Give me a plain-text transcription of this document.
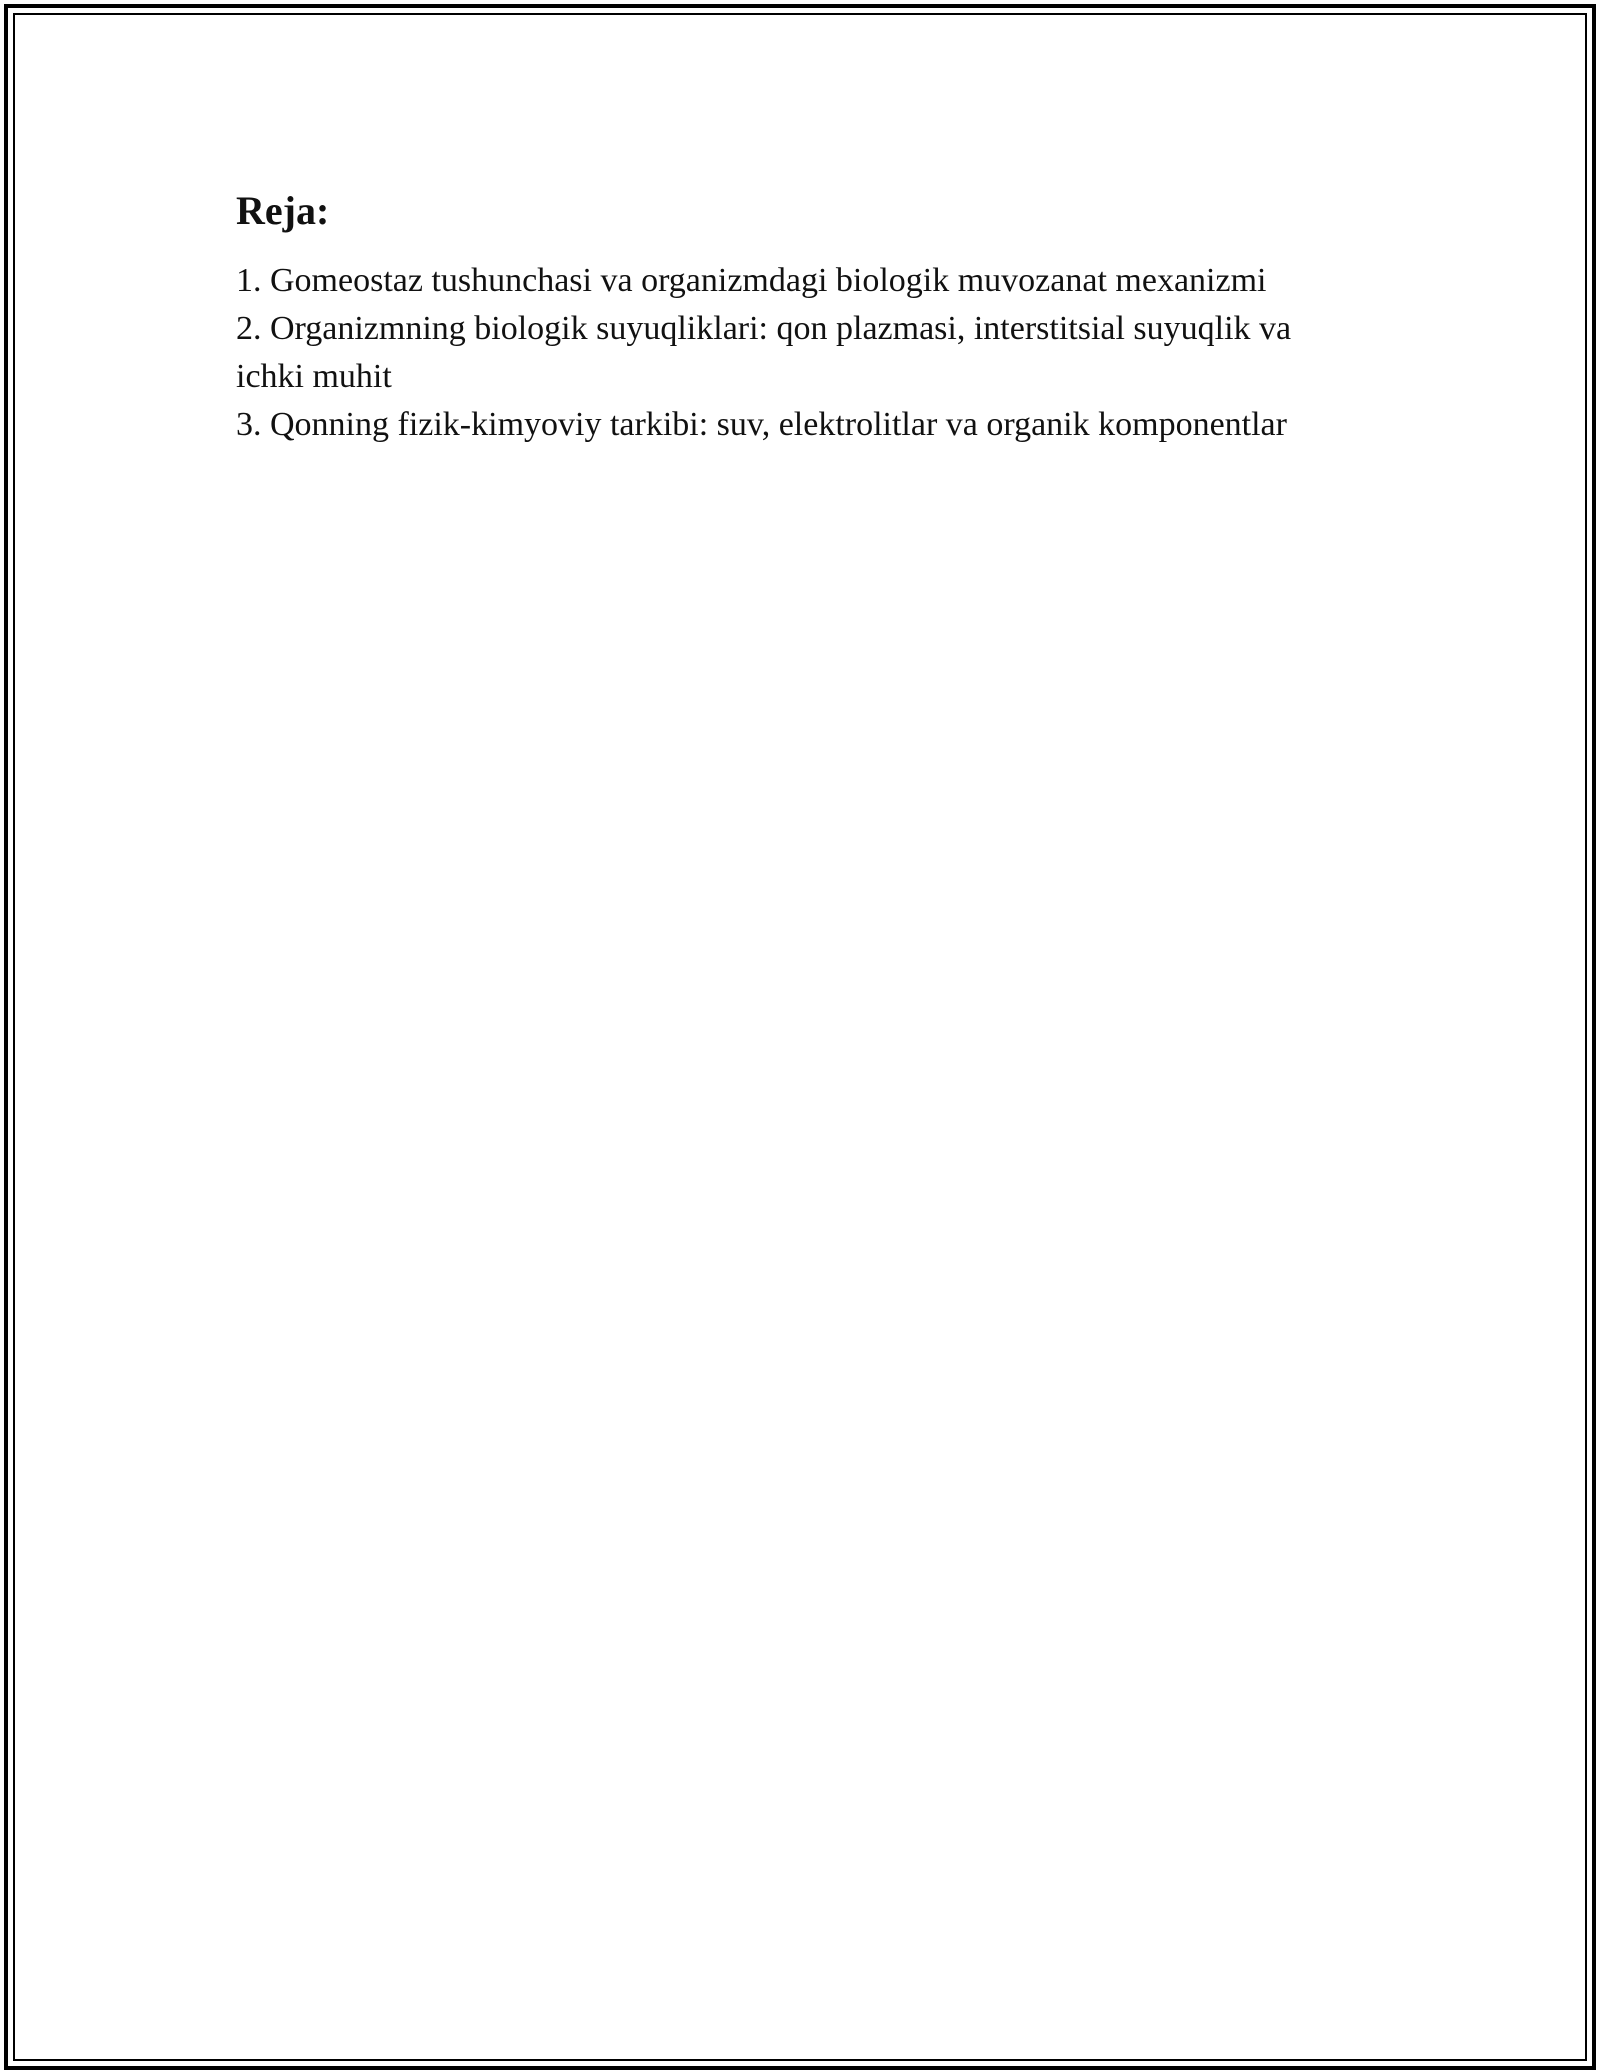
Reja:

1. Gomeostaz tushunchasi va organizmdagi biologik muvozanat mexanizmi

2. Organizmning biologik suyuqliklari: qon plazmasi, interstitsial suyuqlik va ichki muhit

3. Qonning fizik-kimyoviy tarkibi: suv, elektrolitlar va organik komponentlar
